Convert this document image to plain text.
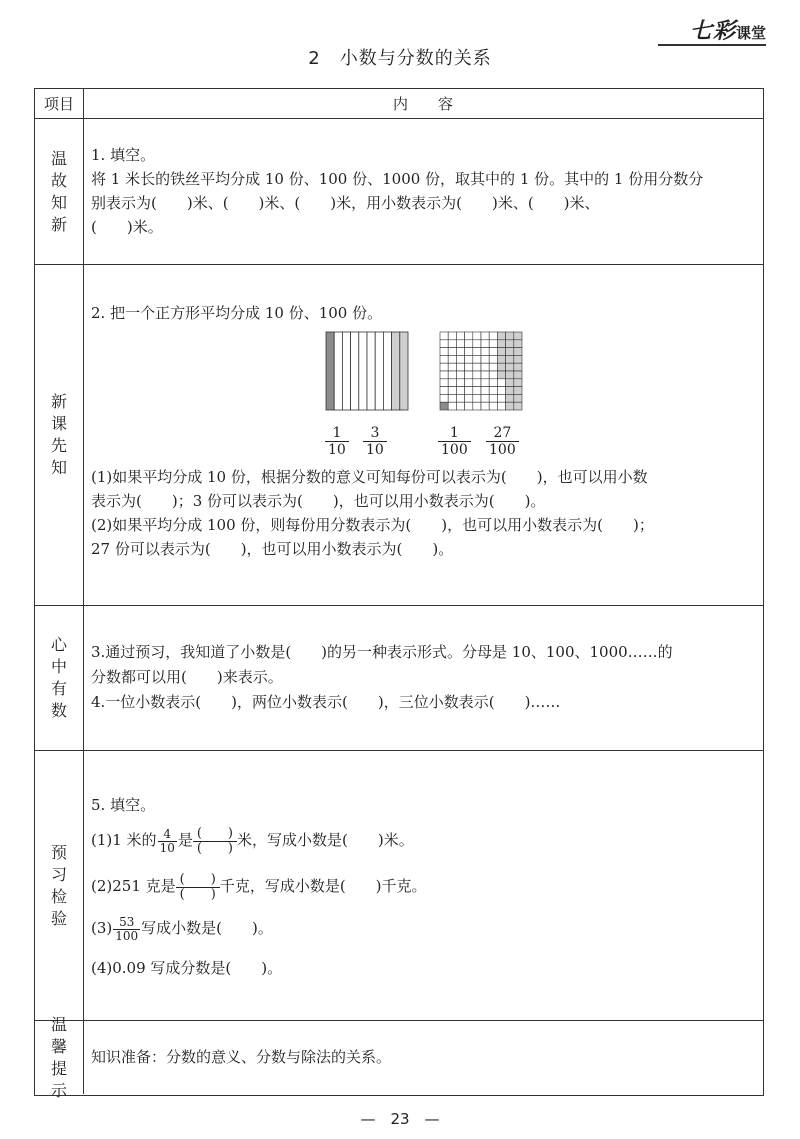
七彩课堂
2　小数与分数的关系
项目	内　　容
温故知新
1. 填空。
将 1 米长的铁丝平均分成 10 份、100 份、1000 份，取其中的 1 份。其中的 1 份用分数分
别表示为(　　)米、(　　)米、(　　)米，用小数表示为(　　)米、(　　)米、
(　　)米。
新课先知
2. 把一个正方形平均分成 10 份、100 份。
$\frac{1}{10} \frac{3}{10}$	$\frac{1}{100} \frac{27}{100}$
(1)如果平均分成 10 份，根据分数的意义可知每份可以表示为(　　)，也可以用小数
表示为(　　)；3 份可以表示为(　　)，也可以用小数表示为(　　)。
(2)如果平均分成 100 份，则每份用分数表示为(　　)，也可以用小数表示为(　　)；
27 份可以表示为(　　)，也可以用小数表示为(　　)。
心中有数
3.通过预习，我知道了小数是(　　)的另一种表示形式。分母是 10、100、1000……的
分数都可以用(　　)来表示。
4.一位小数表示(　　)，两位小数表示(　　)，三位小数表示(　　)……
预习检验
5. 填空。
(1)1 米的 $\frac{4}{10}$ 是 $\frac{( )}{( )}$ 米，写成小数是(　　)米。
(2)251 克是 $\frac{( )}{( )}$ 千克，写成小数是(　　)千克。
$(3) \frac{53}{100}$ 写成小数是(　　)。
(4)0.09 写成分数是(　　)。
温馨提示
知识准备：分数的意义、分数与除法的关系。
—　23　—
